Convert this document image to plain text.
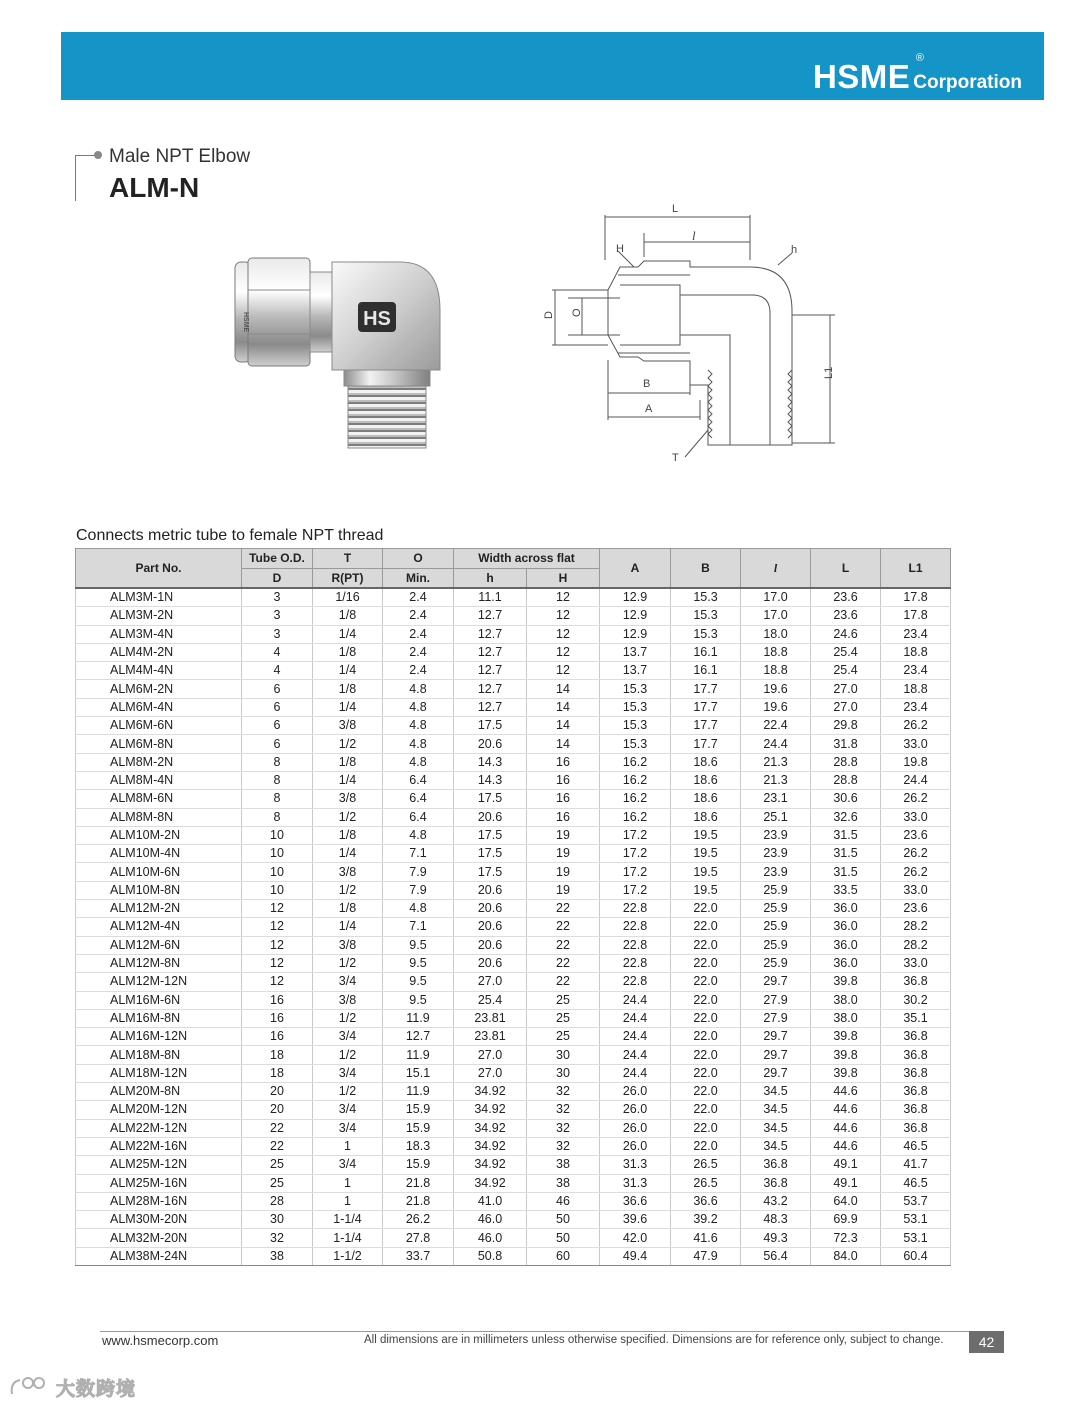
HSME Corporation
®
Male NPT Elbow
ALM-N
HSME	HS
L
l
H	h
D O
B
A
L1
T
Connects metric tube to female NPT thread
Part No.	Tube O.D.	T	O	Width across flat		A	B	l	L	L1
	D	R(PT)	Min.	h	H					
ALM3M-1N	3	1/16	2.4	11.1	12	12.9	15.3	17.0	23.6	17.8
ALM3M-2N	3	1/8	2.4	12.7	12	12.9	15.3	17.0	23.6	17.8
ALM3M-4N	3	1/4	2.4	12.7	12	12.9	15.3	18.0	24.6	23.4
ALM4M-2N	4	1/8	2.4	12.7	12	13.7	16.1	18.8	25.4	18.8
ALM4M-4N	4	1/4	2.4	12.7	12	13.7	16.1	18.8	25.4	23.4
ALM6M-2N	6	1/8	4.8	12.7	14	15.3	17.7	19.6	27.0	18.8
ALM6M-4N	6	1/4	4.8	12.7	14	15.3	17.7	19.6	27.0	23.4
ALM6M-6N	6	3/8	4.8	17.5	14	15.3	17.7	22.4	29.8	26.2
ALM6M-8N	6	1/2	4.8	20.6	14	15.3	17.7	24.4	31.8	33.0
ALM8M-2N	8	1/8	4.8	14.3	16	16.2	18.6	21.3	28.8	19.8
ALM8M-4N	8	1/4	6.4	14.3	16	16.2	18.6	21.3	28.8	24.4
ALM8M-6N	8	3/8	6.4	17.5	16	16.2	18.6	23.1	30.6	26.2
ALM8M-8N	8	1/2	6.4	20.6	16	16.2	18.6	25.1	32.6	33.0
ALM10M-2N	10	1/8	4.8	17.5	19	17.2	19.5	23.9	31.5	23.6
ALM10M-4N	10	1/4	7.1	17.5	19	17.2	19.5	23.9	31.5	26.2
ALM10M-6N	10	3/8	7.9	17.5	19	17.2	19.5	23.9	31.5	26.2
ALM10M-8N	10	1/2	7.9	20.6	19	17.2	19.5	25.9	33.5	33.0
ALM12M-2N	12	1/8	4.8	20.6	22	22.8	22.0	25.9	36.0	23.6
ALM12M-4N	12	1/4	7.1	20.6	22	22.8	22.0	25.9	36.0	28.2
ALM12M-6N	12	3/8	9.5	20.6	22	22.8	22.0	25.9	36.0	28.2
ALM12M-8N	12	1/2	9.5	20.6	22	22.8	22.0	25.9	36.0	33.0
ALM12M-12N	12	3/4	9.5	27.0	22	22.8	22.0	29.7	39.8	36.8
ALM16M-6N	16	3/8	9.5	25.4	25	24.4	22.0	27.9	38.0	30.2
ALM16M-8N	16	1/2	11.9	23.81	25	24.4	22.0	27.9	38.0	35.1
ALM16M-12N	16	3/4	12.7	23.81	25	24.4	22.0	29.7	39.8	36.8
ALM18M-8N	18	1/2	11.9	27.0	30	24.4	22.0	29.7	39.8	36.8
ALM18M-12N	18	3/4	15.1	27.0	30	24.4	22.0	29.7	39.8	36.8
ALM20M-8N	20	1/2	11.9	34.92	32	26.0	22.0	34.5	44.6	36.8
ALM20M-12N	20	3/4	15.9	34.92	32	26.0	22.0	34.5	44.6	36.8
ALM22M-12N	22	3/4	15.9	34.92	32	26.0	22.0	34.5	44.6	36.8
ALM22M-16N	22	1	18.3	34.92	32	26.0	22.0	34.5	44.6	46.5
ALM25M-12N	25	3/4	15.9	34.92	38	31.3	26.5	36.8	49.1	41.7
ALM25M-16N	25	1	21.8	34.92	38	31.3	26.5	36.8	49.1	46.5
ALM28M-16N	28	1	21.8	41.0	46	36.6	36.6	43.2	64.0	53.7
ALM30M-20N	30	1-1/4	26.2	46.0	50	39.6	39.2	48.3	69.9	53.1
ALM32M-20N	32	1-1/4	27.8	46.0	50	42.0	41.6	49.3	72.3	53.1
ALM38M-24N	38	1-1/2	33.7	50.8	60	49.4	47.9	56.4	84.0	60.4
www.hsmecorp.com	All dimensions are in millimeters unless otherwise specified. Dimensions are for reference only, subject to change.	42
大数跨境
